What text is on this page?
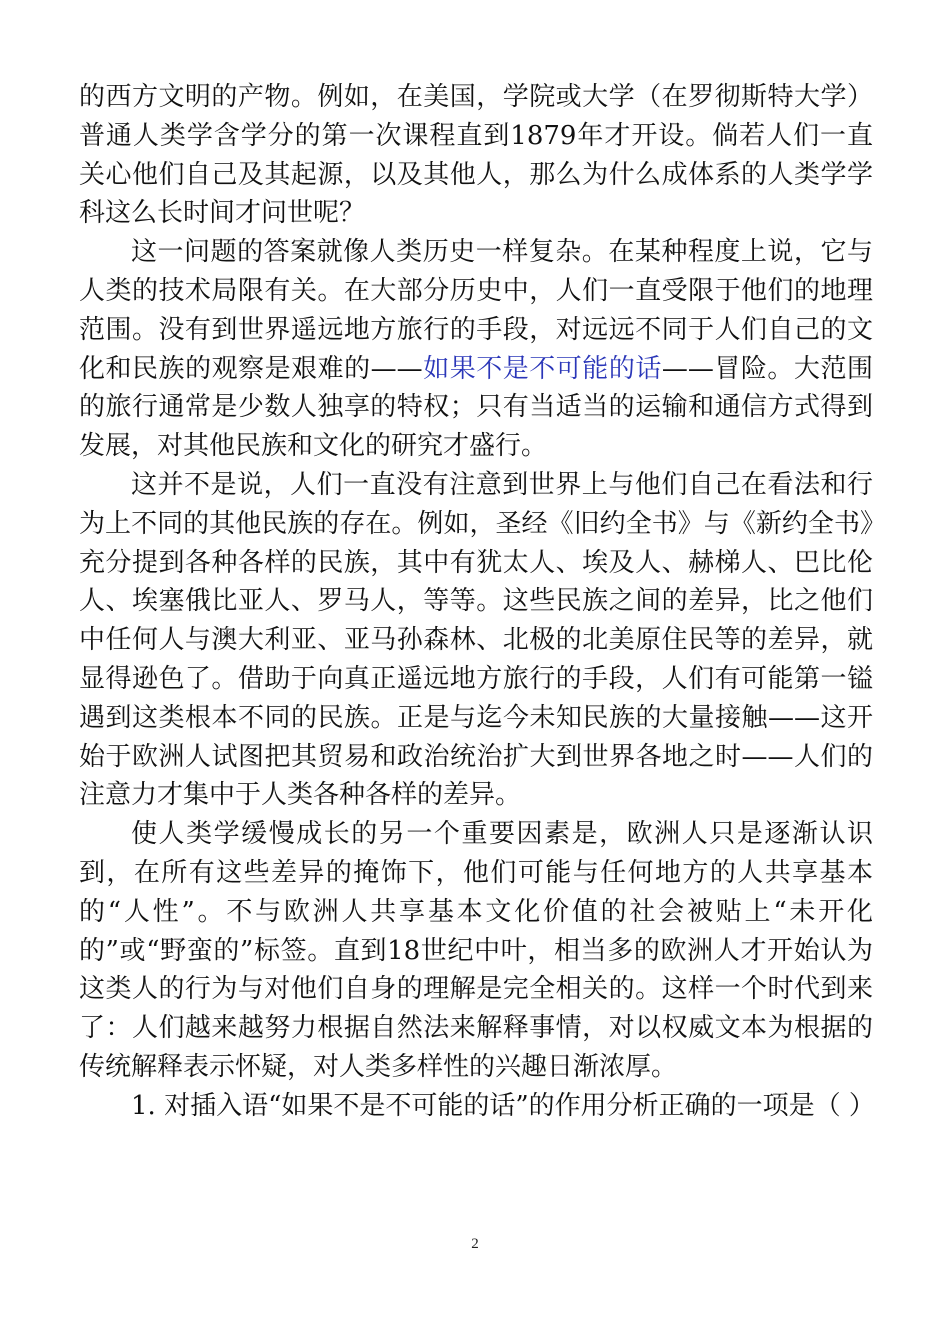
的西方文明的产物。例如，在美国，学院或大学（在罗彻斯特大学）普通人类学含学分的第一次课程直到1879年才开设。倘若人们一直关心他们自己及其起源，以及其他人，那么为什么成体系的人类学学科这么长时间才问世呢？

这一问题的答案就像人类历史一样复杂。在某种程度上说，它与人类的技术局限有关。在大部分历史中，人们一直受限于他们的地理范围。没有到世界遥远地方旅行的手段，对远远不同于人们自己的文化和民族的观察是艰难的——如果不是不可能的话——冒险。大范围的旅行通常是少数人独享的特权；只有当适当的运输和通信方式得到发展，对其他民族和文化的研究才盛行。

这并不是说，人们一直没有注意到世界上与他们自己在看法和行为上不同的其他民族的存在。例如，圣经《旧约全书》与《新约全书》充分提到各种各样的民族，其中有犹太人、埃及人、赫梯人、巴比伦人、埃塞俄比亚人、罗马人，等等。这些民族之间的差异，比之他们中任何人与澳大利亚、亚马孙森林、北极的北美原住民等的差异，就显得逊色了。借助于向真正遥远地方旅行的手段，人们有可能第一镒遇到这类根本不同的民族。正是与迄今未知民族的大量接触——这开始于欧洲人试图把其贸易和政治统治扩大到世界各地之时——人们的注意力才集中于人类各种各样的差异。

使人类学缓慢成长的另一个重要因素是，欧洲人只是逐渐认识到，在所有这些差异的掩饰下，他们可能与任何地方的人共享基本的“人性”。不与欧洲人共享基本文化价值的社会被贴上“未开化的”或“野蛮的”标签。直到18世纪中叶，相当多的欧洲人才开始认为这类人的行为与对他们自身的理解是完全相关的。这样一个时代到来了：人们越来越努力根据自然法来解释事情，对以权威文本为根据的传统解释表示怀疑，对人类多样性的兴趣日渐浓厚。

1. 对插入语“如果不是不可能的话”的作用分析正确的一项是（ ）

2
